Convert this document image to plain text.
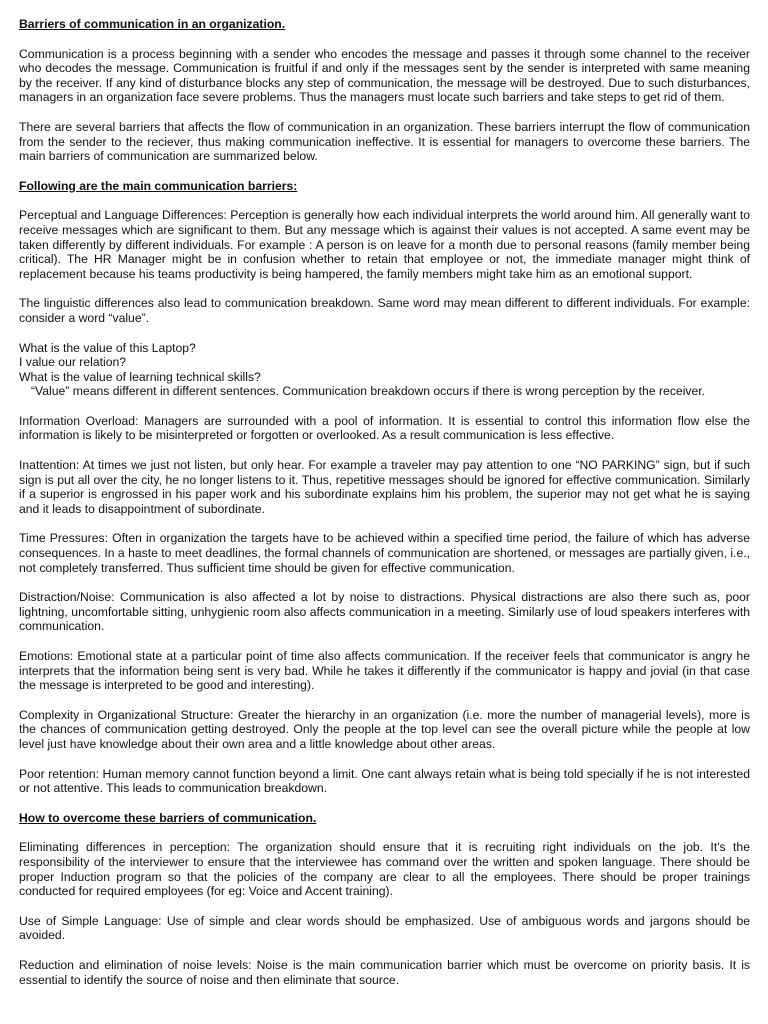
Barriers of communication in an organization.

Communication is a process beginning with a sender who encodes the message and passes it through some channel to the receiver who decodes the message. Communication is fruitful if and only if the messages sent by the sender is interpreted with same meaning by the receiver. If any kind of disturbance blocks any step of communication, the message will be destroyed. Due to such disturbances, managers in an organization face severe problems. Thus the managers must locate such barriers and take steps to get rid of them.

There are several barriers that affects the flow of communication in an organization. These barriers interrupt the flow of communication from the sender to the reciever, thus making communication ineffective. It is essential for managers to overcome these barriers. The main barriers of communication are summarized below.

Following are the main communication barriers:

Perceptual and Language Differences: Perception is generally how each individual interprets the world around him. All generally want to receive messages which are significant to them. But any message which is against their values is not accepted. A same event may be taken differently by different individuals. For example : A person is on leave for a month due to personal reasons (family member being critical). The HR Manager might be in confusion whether to retain that employee or not, the immediate manager might think of replacement because his teams productivity is being hampered, the family members might take him as an emotional support.

The linguistic differences also lead to communication breakdown. Same word may mean different to different individuals. For example: consider a word “value”.

What is the value of this Laptop?

I value our relation?

What is the value of learning technical skills?

“Value” means different in different sentences. Communication breakdown occurs if there is wrong perception by the receiver.

Information Overload: Managers are surrounded with a pool of information. It is essential to control this information flow else the information is likely to be misinterpreted or forgotten or overlooked. As a result communication is less effective.

Inattention: At times we just not listen, but only hear. For example a traveler may pay attention to one “NO PARKING” sign, but if such sign is put all over the city, he no longer listens to it. Thus, repetitive messages should be ignored for effective communication. Similarly if a superior is engrossed in his paper work and his subordinate explains him his problem, the superior may not get what he is saying and it leads to disappointment of subordinate.

Time Pressures: Often in organization the targets have to be achieved within a specified time period, the failure of which has adverse consequences. In a haste to meet deadlines, the formal channels of communication are shortened, or messages are partially given, i.e., not completely transferred. Thus sufficient time should be given for effective communication.

Distraction/Noise: Communication is also affected a lot by noise to distractions. Physical distractions are also there such as, poor lightning, uncomfortable sitting, unhygienic room also affects communication in a meeting. Similarly use of loud speakers interferes with communication.

Emotions: Emotional state at a particular point of time also affects communication. If the receiver feels that communicator is angry he interprets that the information being sent is very bad. While he takes it differently if the communicator is happy and jovial (in that case the message is interpreted to be good and interesting).

Complexity in Organizational Structure: Greater the hierarchy in an organization (i.e. more the number of managerial levels), more is the chances of communication getting destroyed. Only the people at the top level can see the overall picture while the people at low level just have knowledge about their own area and a little knowledge about other areas.

Poor retention: Human memory cannot function beyond a limit. One cant always retain what is being told specially if he is not interested or not attentive. This leads to communication breakdown.

How to overcome these barriers of communication.

Eliminating differences in perception: The organization should ensure that it is recruiting right individuals on the job. It's the responsibility of the interviewer to ensure that the interviewee has command over the written and spoken language. There should be proper Induction program so that the policies of the company are clear to all the employees. There should be proper trainings conducted for required employees (for eg: Voice and Accent training).

Use of Simple Language: Use of simple and clear words should be emphasized. Use of ambiguous words and jargons should be avoided.

Reduction and elimination of noise levels: Noise is the main communication barrier which must be overcome on priority basis. It is essential to identify the source of noise and then eliminate that source.
